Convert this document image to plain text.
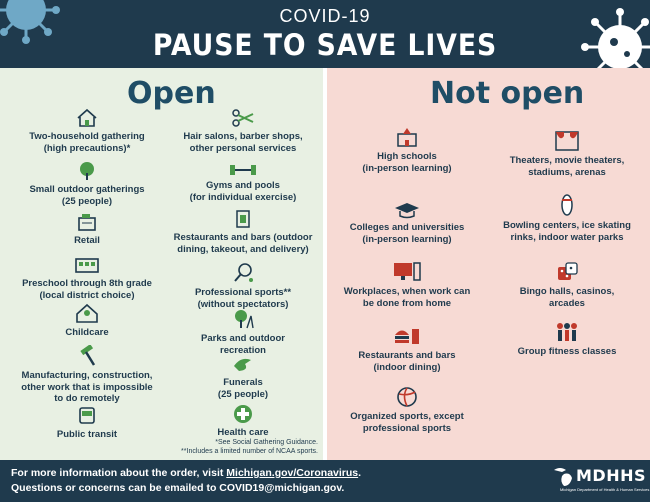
COVID-19
PAUSE TO SAVE LIVES
Open
Two-household gathering
(high precautions)*
Small outdoor gatherings
(25 people)
Retail
Preschool through 8th grade
(local district choice)
Childcare
Manufacturing, construction,
other work that is impossible
to do remotely
Public transit
Hair salons, barber shops,
other personal services
Gyms and pools
(for individual exercise)
Restaurants and bars (outdoor
dining, takeout, and delivery)
Professional sports**
(without spectators)
Parks and outdoor
recreation
Funerals
(25 people)
Health care
*See Social Gathering Guidance.
**Includes a limited number of NCAA sports.
Not open
High schools
(in-person learning)
Colleges and universities
(in-person learning)
Workplaces, when work can
be done from home
Restaurants and bars
(indoor dining)
Organized sports, except
professional sports
Theaters, movie theaters,
stadiums, arenas
Bowling centers, ice skating
rinks, indoor water parks
Bingo halls, casinos,
arcades
Group fitness classes
For more information about the order, visit Michigan.gov/Coronavirus.
Questions or concerns can be emailed to COVID19@michigan.gov.
MDHHS
Michigan Department of Health & Human Services
